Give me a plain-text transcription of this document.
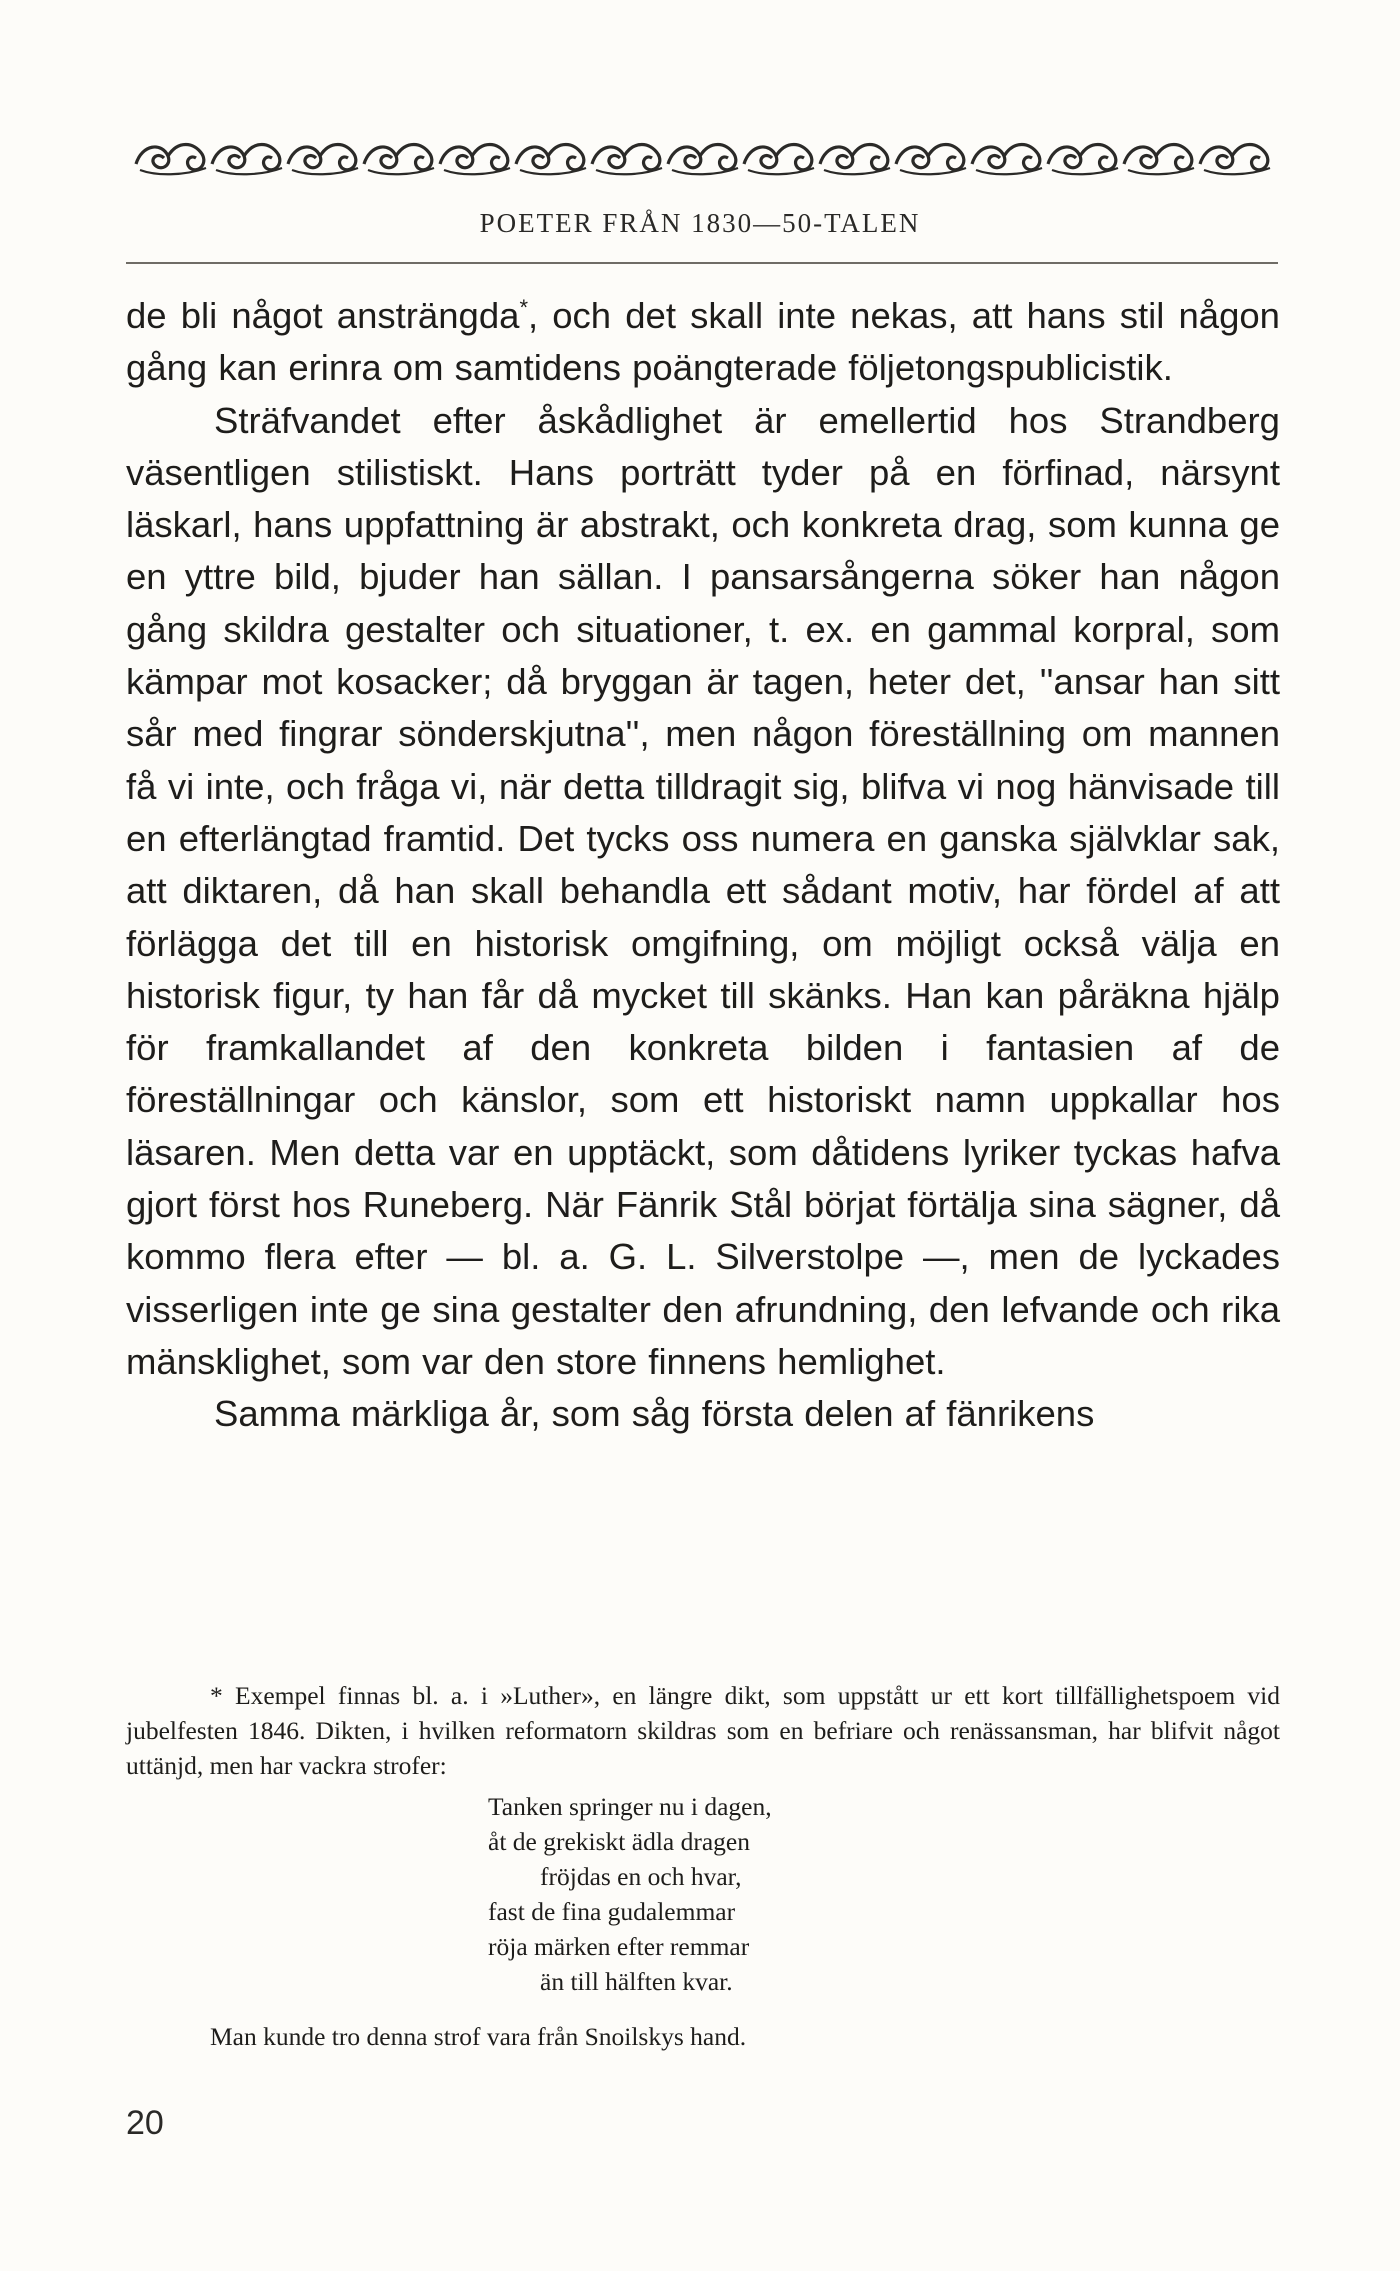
POETER FRÅN 1830—50-TALEN

de bli något ansträngda*, och det skall inte nekas, att hans stil någon gång kan erinra om samtidens poängterade följetongspublicistik.

Sträfvandet efter åskådlighet är emellertid hos Strandberg väsentligen stilistiskt. Hans porträtt tyder på en förfinad, närsynt läskarl, hans uppfattning är abstrakt, och konkreta drag, som kunna ge en yttre bild, bjuder han sällan. I pansarsångerna söker han någon gång skildra gestalter och situationer, t. ex. en gammal korpral, som kämpar mot kosacker; då bryggan är tagen, heter det, ''ansar han sitt sår med fingrar sönderskjutna'', men någon föreställning om mannen få vi inte, och fråga vi, när detta tilldragit sig, blifva vi nog hänvisade till en efterlängtad framtid. Det tycks oss numera en ganska självklar sak, att diktaren, då han skall behandla ett sådant motiv, har fördel af att förlägga det till en historisk omgifning, om möjligt också välja en historisk figur, ty han får då mycket till skänks. Han kan påräkna hjälp för framkallandet af den konkreta bilden i fantasien af de föreställningar och känslor, som ett historiskt namn uppkallar hos läsaren. Men detta var en upptäckt, som dåtidens lyriker tyckas hafva gjort först hos Runeberg. När Fänrik Stål börjat förtälja sina sägner, då kommo flera efter — bl. a. G. L. Silverstolpe —, men de lyckades visserligen inte ge sina gestalter den afrundning, den lefvande och rika mänsklighet, som var den store finnens hemlighet.

Samma märkliga år, som såg första delen af fänrikens

* Exempel finnas bl. a. i »Luther», en längre dikt, som uppstått ur ett kort tillfällighetspoem vid jubelfesten 1846. Dikten, i hvilken reformatorn skildras som en befriare och renässansman, har blifvit något uttänjd, men har vackra strofer:

Tanken springer nu i dagen,
åt de grekiskt ädla dragen
fröjdas en och hvar,
fast de fina gudalemmar
röja märken efter remmar
än till hälften kvar.

Man kunde tro denna strof vara från Snoilskys hand.

20
